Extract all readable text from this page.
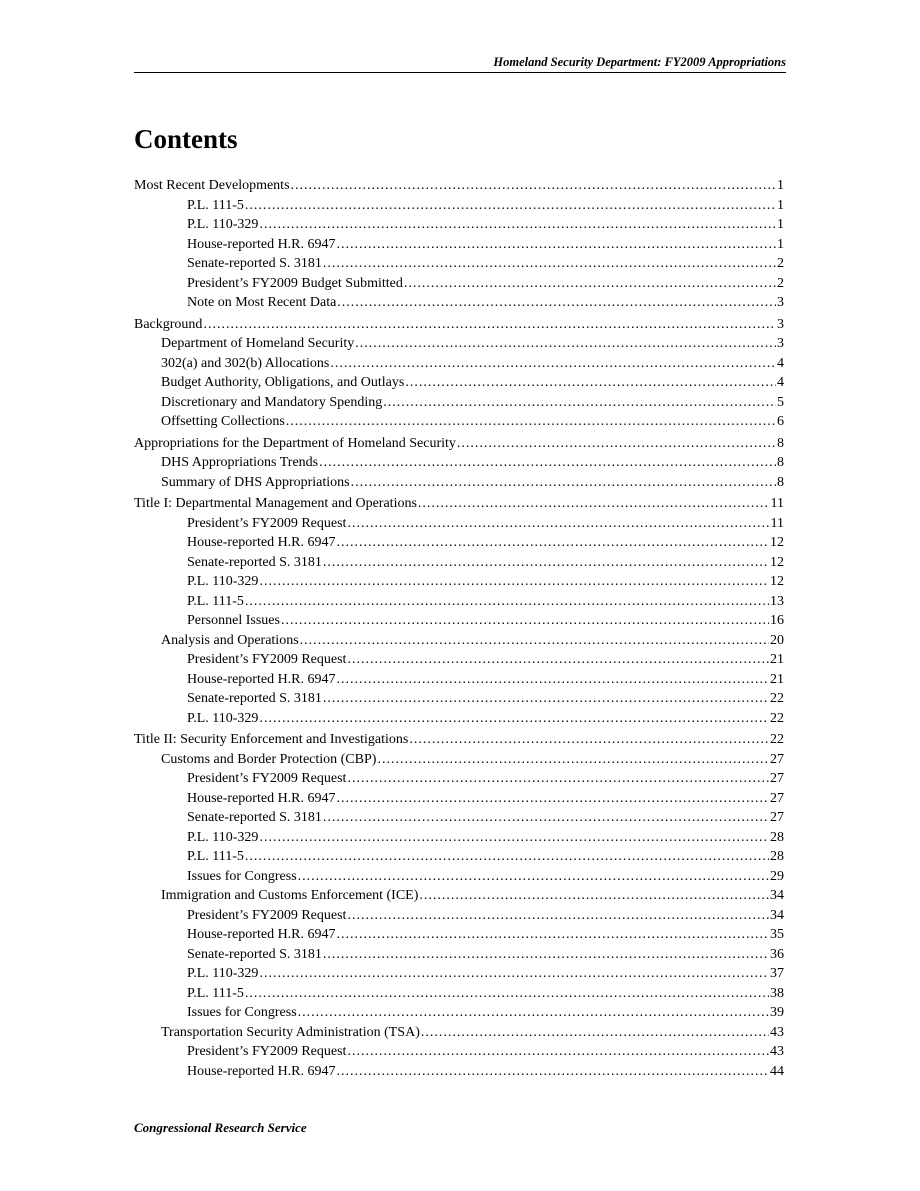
Homeland Security Department: FY2009 Appropriations
Contents
Most Recent Developments .....	1
P.L. 111-5 .....	1
P.L. 110-329 .....	1
House-reported H.R. 6947 .....	1
Senate-reported S. 3181 .....	2
President’s FY2009 Budget Submitted .....	2
Note on Most Recent Data .....	3
Background .....	3
Department of Homeland Security .....	3
302(a) and 302(b) Allocations .....	4
Budget Authority, Obligations, and Outlays .....	4
Discretionary and Mandatory Spending .....	5
Offsetting Collections .....	6
Appropriations for the Department of Homeland Security .....	8
DHS Appropriations Trends .....	8
Summary of DHS Appropriations .....	8
Title I: Departmental Management and Operations .....	11
President’s FY2009 Request .....	11
House-reported H.R. 6947 .....	12
Senate-reported S. 3181 .....	12
P.L. 110-329 .....	12
P.L. 111-5 .....	13
Personnel Issues .....	16
Analysis and Operations .....	20
President’s FY2009 Request .....	21
House-reported H.R. 6947 .....	21
Senate-reported S. 3181 .....	22
P.L. 110-329 .....	22
Title II: Security Enforcement and Investigations .....	22
Customs and Border Protection (CBP) .....	27
President’s FY2009 Request .....	27
House-reported H.R. 6947 .....	27
Senate-reported S. 3181 .....	27
P.L. 110-329 .....	28
P.L. 111-5 .....	28
Issues for Congress .....	29
Immigration and Customs Enforcement (ICE) .....	34
President’s FY2009 Request .....	34
House-reported H.R. 6947 .....	35
Senate-reported S. 3181 .....	36
P.L. 110-329 .....	37
P.L. 111-5 .....	38
Issues for Congress .....	39
Transportation Security Administration (TSA) .....	43
President’s FY2009 Request .....	43
House-reported H.R. 6947 .....	44
Congressional Research Service
